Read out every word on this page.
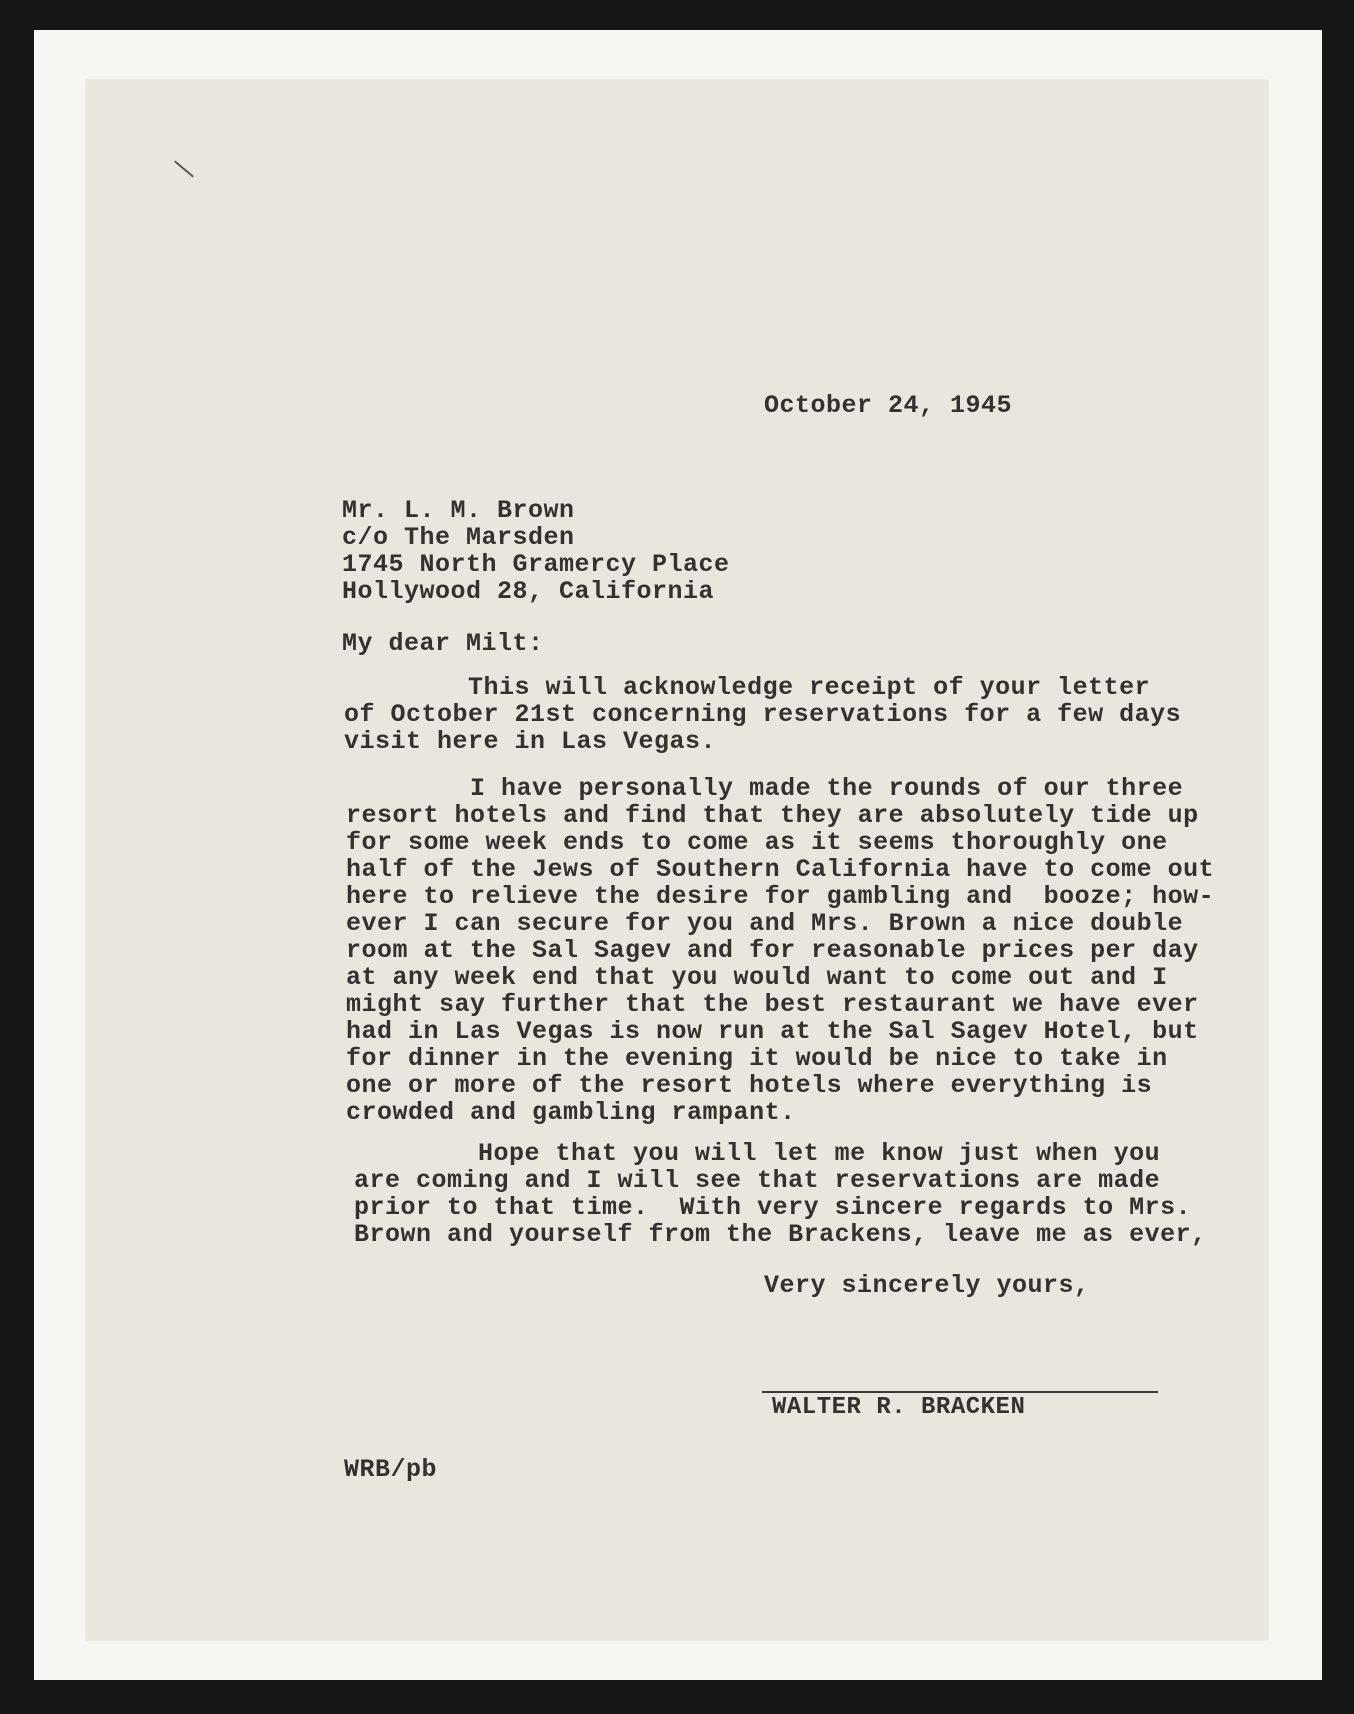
October 24, 1945
Mr. L. M. Brown
c/o The Marsden
1745 North Gramercy Place
Hollywood 28, California
My dear Milt:
This will acknowledge receipt of your letter
of October 21st concerning reservations for a few days
visit here in Las Vegas.
I have personally made the rounds of our three
resort hotels and find that they are absolutely tide up
for some week ends to come as it seems thoroughly one
half of the Jews of Southern California have to come out
here to relieve the desire for gambling and  booze; how-
ever I can secure for you and Mrs. Brown a nice double
room at the Sal Sagev and for reasonable prices per day
at any week end that you would want to come out and I
might say further that the best restaurant we have ever
had in Las Vegas is now run at the Sal Sagev Hotel, but
for dinner in the evening it would be nice to take in
one or more of the resort hotels where everything is
crowded and gambling rampant.
Hope that you will let me know just when you
are coming and I will see that reservations are made
prior to that time.  With very sincere regards to Mrs.
Brown and yourself from the Brackens, leave me as ever,
Very sincerely yours,
WALTER R. BRACKEN
WRB/pb
